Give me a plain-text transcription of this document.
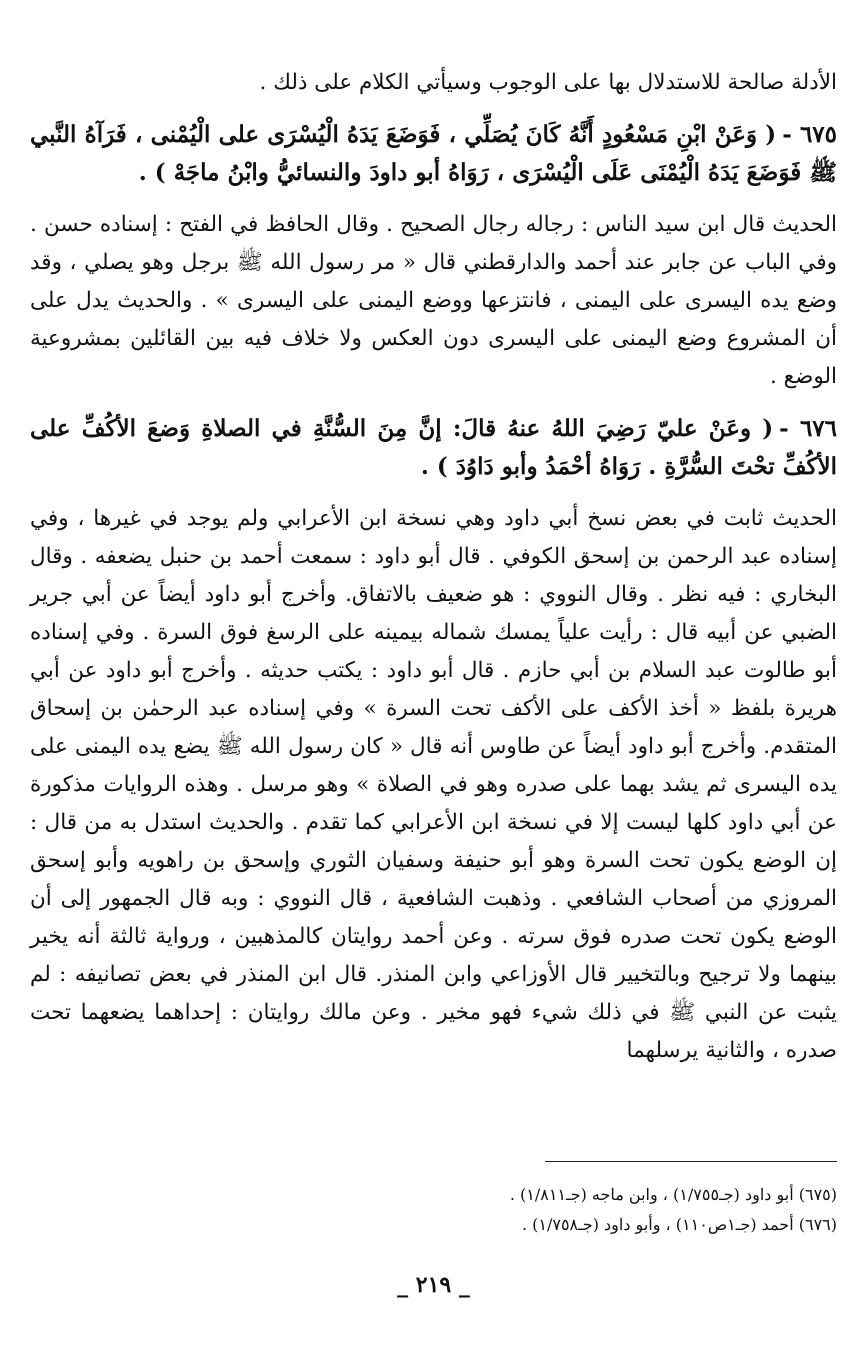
الأدلة صالحة للاستدلال بها على الوجوب وسيأتي الكلام على ذلك .

٦٧٥ -( وَعَنْ ابْنِ مَسْعُودٍ أَنَّهُ كَانَ يُصَلِّي ، فَوَضَعَ يَدَهُ الْيُسْرَى على الْيُمْنى ، فَرَآهُ النَّبي ﷺ فَوَضَعَ يَدَهُ الْيُمْنَى عَلَى الْيُسْرَى ، رَوَاهُ أبو داودَ والنسائيُّ وابْنُ ماجَهْ ) .

الحديث قال ابن سيد الناس : رجاله رجال الصحيح . وقال الحافظ في الفتح : إسناده حسن . وفي الباب عن جابر عند أحمد والدارقطني قال « مر رسول الله ﷺ برجل وهو يصلي ، وقد وضع يده اليسرى على اليمنى ، فانتزعها ووضع اليمنى على اليسرى » . والحديث يدل على أن المشروع وضع اليمنى على اليسرى دون العكس ولا خلاف فيه بين القائلين بمشروعية الوضع .

٦٧٦ -( وعَنْ عليّ رَضِيَ اللهُ عنهُ قالَ: إنَّ مِنَ السُّنَّةِ في الصلاةِ وَضعَ الأكُفِّ على الأكُفِّ تحْتَ السُّرَّةِ . رَوَاهُ أحْمَدُ وأبو دَاوُدَ ) .

الحديث ثابت في بعض نسخ أبي داود وهي نسخة ابن الأعرابي ولم يوجد في غيرها ، وفي إسناده عبد الرحمن بن إسحق الكوفي . قال أبو داود : سمعت أحمد بن حنبل يضعفه . وقال البخاري : فيه نظر . وقال النووي : هو ضعيف بالاتفاق. وأخرج أبو داود أيضاً عن أبي جرير الضبي عن أبيه قال : رأيت علياً يمسك شماله بيمينه على الرسغ فوق السرة . وفي إسناده أبو طالوت عبد السلام بن أبي حازم . قال أبو داود : يكتب حديثه . وأخرج أبو داود عن أبي هريرة بلفظ « أخذ الأكف على الأكف تحت السرة » وفي إسناده عبد الرحمٰن بن إسحاق المتقدم. وأخرج أبو داود أيضاً عن طاوس أنه قال « كان رسول الله ﷺ يضع يده اليمنى على يده اليسرى ثم يشد بهما على صدره وهو في الصلاة » وهو مرسل . وهذه الروايات مذكورة عن أبي داود كلها ليست إلا في نسخة ابن الأعرابي كما تقدم . والحديث استدل به من قال : إن الوضع يكون تحت السرة وهو أبو حنيفة وسفيان الثوري وإسحق بن راهويه وأبو إسحق المروزي من أصحاب الشافعي . وذهبت الشافعية ، قال النووي : وبه قال الجمهور إلى أن الوضع يكون تحت صدره فوق سرته . وعن أحمد روايتان كالمذهبين ، ورواية ثالثة أنه يخير بينهما ولا ترجيح وبالتخيير قال الأوزاعي وابن المنذر. قال ابن المنذر في بعض تصانيفه : لم يثبت عن النبي ﷺ في ذلك شيء فهو مخير . وعن مالك روايتان : إحداهما يضعهما تحت صدره ، والثانية يرسلهما

(٦٧٥) أبو داود (جـ١/٧٥٥) ، وابن ماجه (جـ١/٨١١) .

(٦٧٦) أحمد (جـ١ص١١٠) ، وأبو داود (جـ١/٧٥٨) .

_ ٢١٩ _
